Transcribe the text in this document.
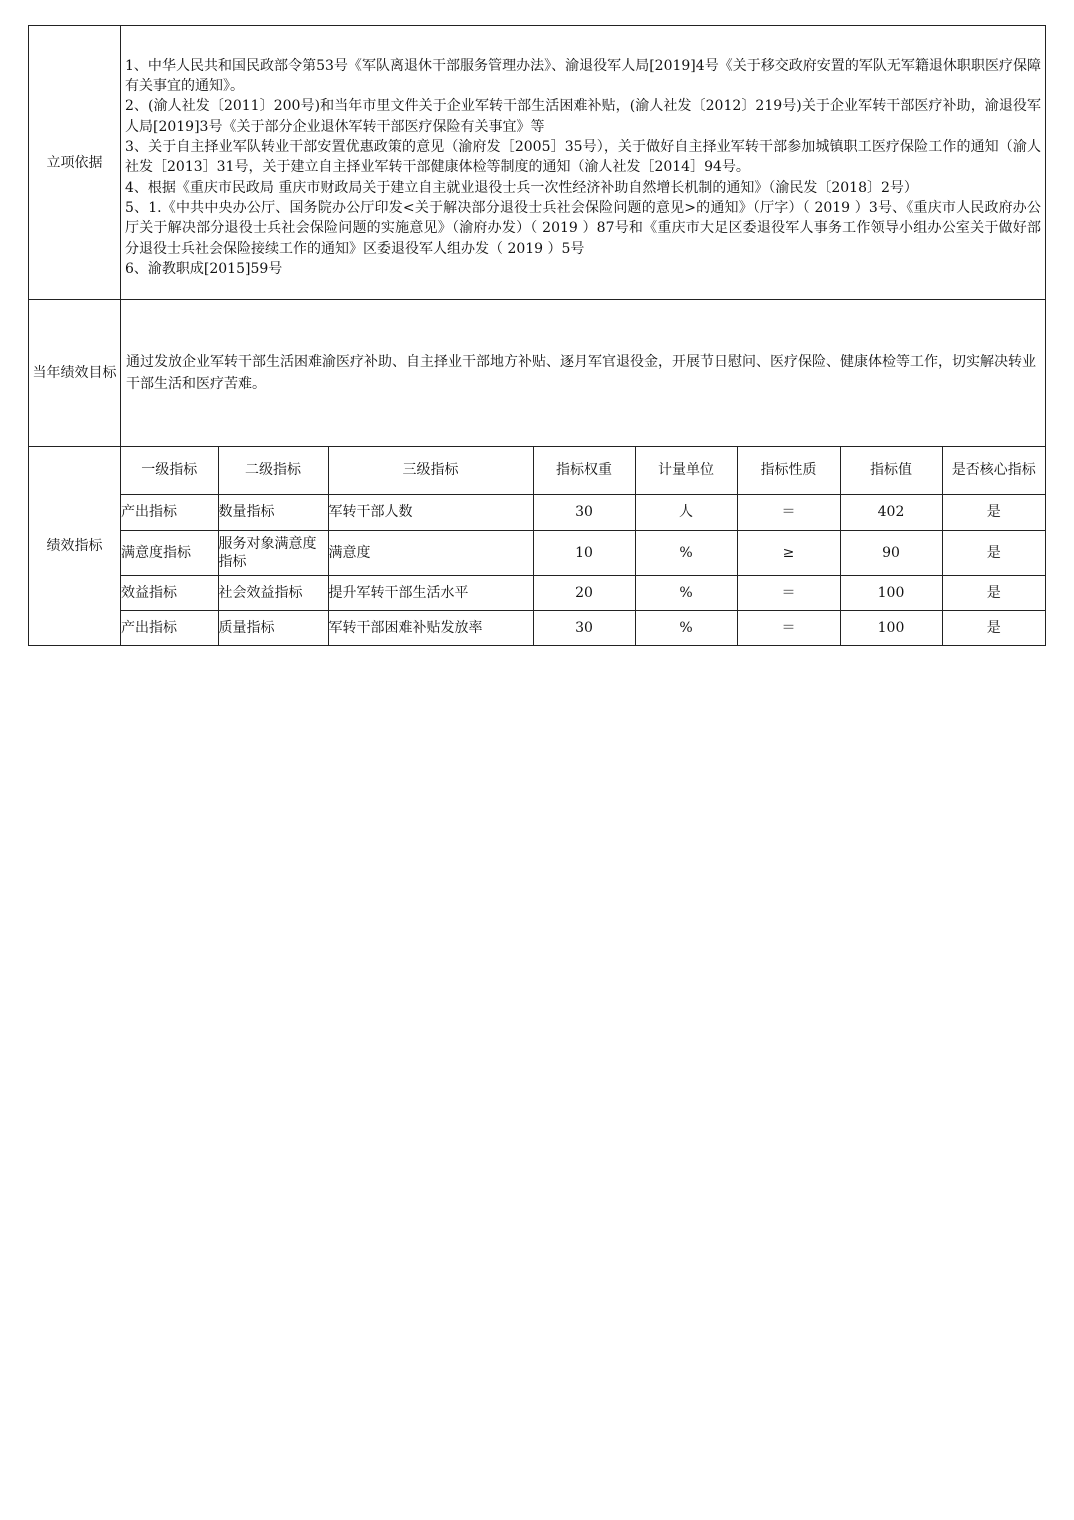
立项依据	
1、中华人民共和国民政部令第53号《军队离退休干部服务管理办法》、渝退役军人局[2019]4号《关于移交政府安置的军队无军籍退休职职医疗保障有关事宜的通知》。
2、(渝人社发〔2011〕200号)和当年市里文件关于企业军转干部生活困难补贴，(渝人社发〔2012〕219号)关于企业军转干部医疗补助，渝退役军人局[2019]3号《关于部分企业退休军转干部医疗保险有关事宜》等
3、关于自主择业军队转业干部安置优惠政策的意见（渝府发［2005］35号），关于做好自主择业军转干部参加城镇职工医疗保险工作的通知（渝人社发［2013］31号，关于建立自主择业军转干部健康体检等制度的通知（渝人社发［2014］94号。
4、根据《重庆市民政局 重庆市财政局关于建立自主就业退役士兵一次性经济补助自然增长机制的通知》（渝民发〔2018〕2号）
5、1.《中共中央办公厅、国务院办公厅印发<关于解决部分退役士兵社会保险问题的意见>的通知》（厅字）（ 2019 ）3号、《重庆市人民政府办公厅关于解决部分退役士兵社会保险问题的实施意见》（渝府办发）（ 2019 ）87号和《重庆市大足区委退役军人事务工作领导小组办公室关于做好部分退役士兵社会保险接续工作的通知》区委退役军人组办发（ 2019 ）5号
6、渝教职成[2015]59号

当年绩效目标	
通过发放企业军转干部生活困难渝医疗补助、自主择业干部地方补贴、逐月军官退役金，开展节日慰问、医疗保险、健康体检等工作，切实解决转业干部生活和医疗苦难。

绩效指标	
一级指标	二级指标	三级指标	指标权重	计量单位	指标性质	指标值	是否核心指标
产出指标	数量指标	军转干部人数	30	人	＝	402	是
满意度指标	服务对象满意度指标	满意度	10	%	≥	90	是
效益指标	社会效益指标	提升军转干部生活水平	20	%	＝	100	是
产出指标	质量指标	军转干部困难补贴发放率	30	%	＝	100	是
